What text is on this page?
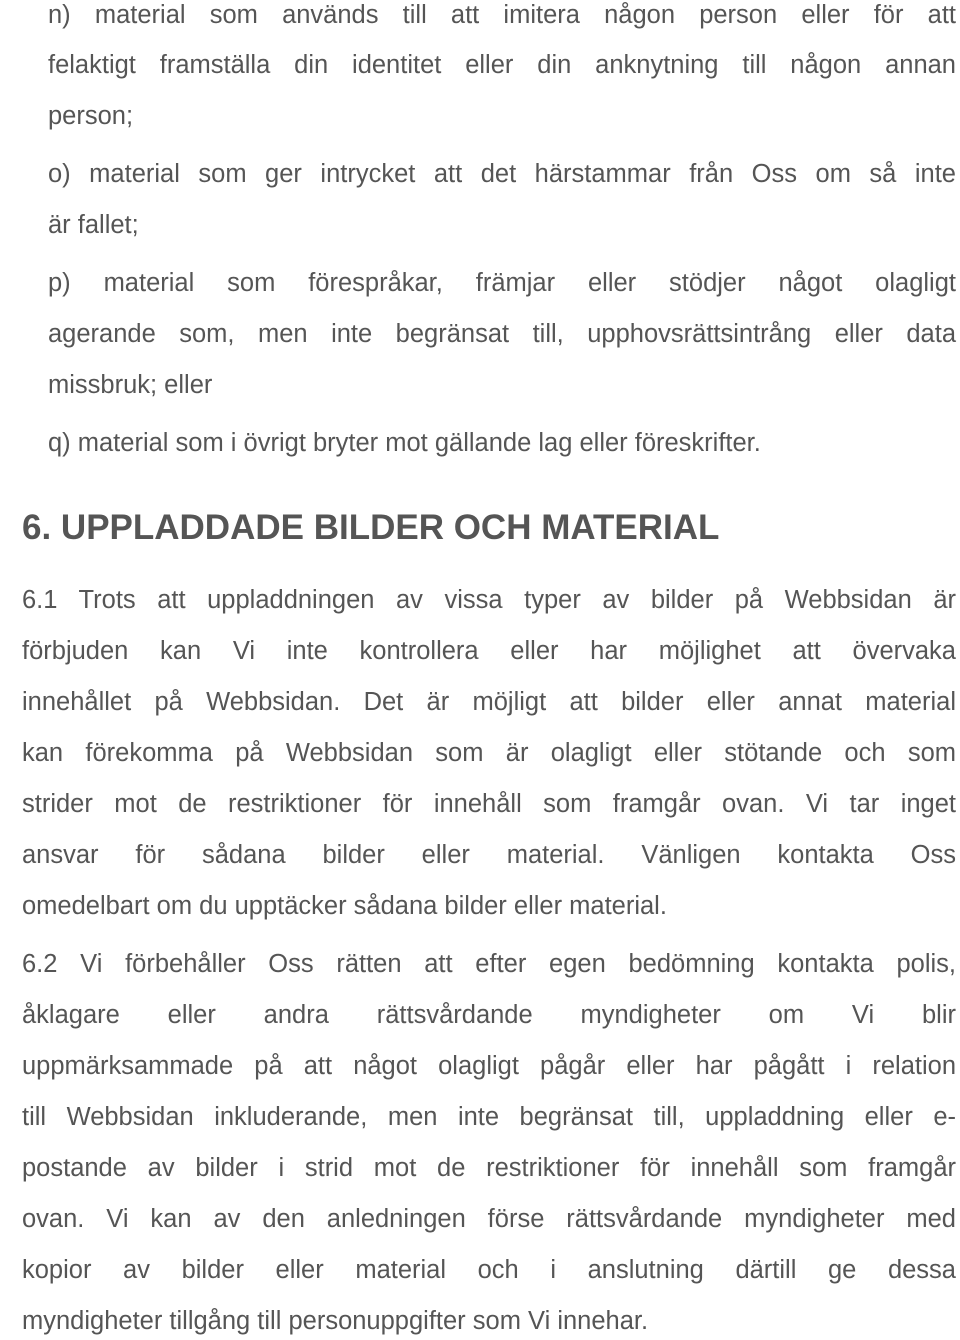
n) material som används till att imitera någon person eller för att
felaktigt framställa din identitet eller din anknytning till någon annan
person;
o) material som ger intrycket att det härstammar från Oss om så inte
är fallet;
p) material som förespråkar, främjar eller stödjer något olagligt
agerande som, men inte begränsat till, upphovsrättsintrång eller data
missbruk; eller
q) material som i övrigt bryter mot gällande lag eller föreskrifter.
6. UPPLADDADE BILDER OCH MATERIAL
6.1 Trots att uppladdningen av vissa typer av bilder på Webbsidan är
förbjuden kan Vi inte kontrollera eller har möjlighet att övervaka
innehållet på Webbsidan. Det är möjligt att bilder eller annat material
kan förekomma på Webbsidan som är olagligt eller stötande och som
strider mot de restriktioner för innehåll som framgår ovan. Vi tar inget
ansvar för sådana bilder eller material. Vänligen kontakta Oss
omedelbart om du upptäcker sådana bilder eller material.
6.2 Vi förbehåller Oss rätten att efter egen bedömning kontakta polis,
åklagare eller andra rättsvårdande myndigheter om Vi blir
uppmärksammade på att något olagligt pågår eller har pågått i relation
till Webbsidan inkluderande, men inte begränsat till, uppladdning eller e-
postande av bilder i strid mot de restriktioner för innehåll som framgår
ovan. Vi kan av den anledningen förse rättsvårdande myndigheter med
kopior av bilder eller material och i anslutning därtill ge dessa
myndigheter tillgång till personuppgifter som Vi innehar.
